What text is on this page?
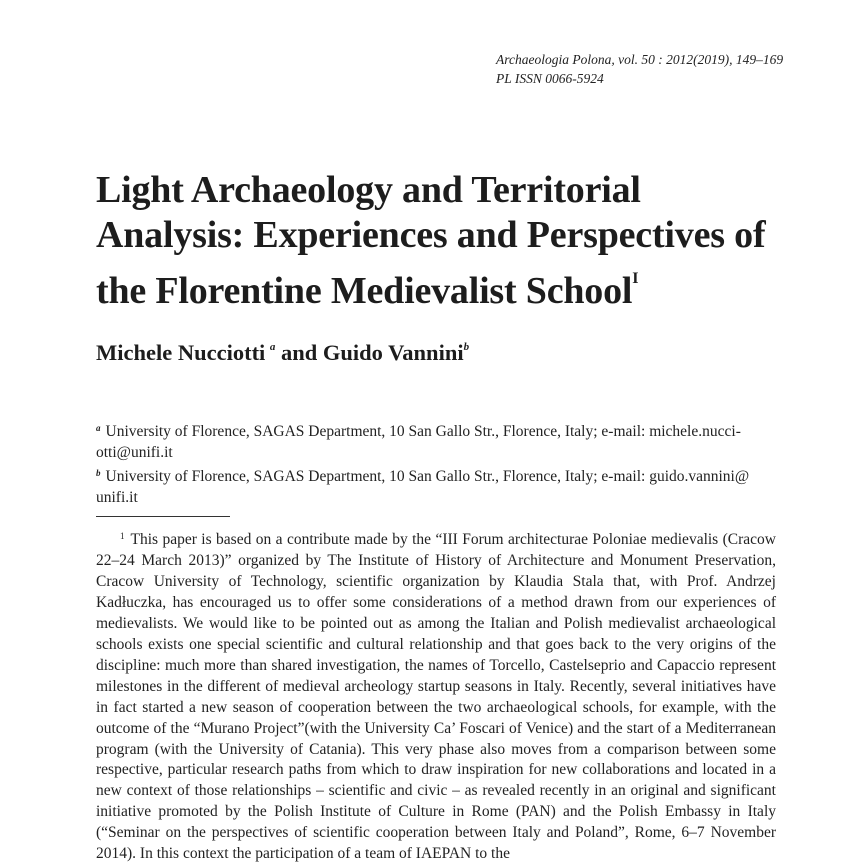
Archaeologia Polona, vol. 50 : 2012(2019), 149–169
PL ISSN 0066-5924
Light Archaeology and Territorial
Analysis: Experiences and Perspectives of
the Florentine Medievalist School$^I$
Michele Nucciotti  $^a$ and Guido Vannini$^b$

$^a$ University of Florence, SAGAS Department, 10 San Gallo Str., Florence, Italy; e-mail: michele.nucciotti@unifi.it

$^b$ University of Florence, SAGAS Department, 10 San Gallo Str., Florence, Italy; e-mail: guido.vannini@​unifi.it

$^1$ This paper is based on a contribute made by the “III Forum architecturae Poloniae medievalis (Cracow 22–24 March 2013)” organized by The Institute of History of Architecture and Monument Preservation, Cracow University of Technology, scientific organization by Klaudia Stala that, with Prof. Andrzej Kadłuczka, has encouraged us to offer some considerations of a method drawn from our experiences of medievalists. We would like to be pointed out as among the Italian and Polish medievalist archaeological schools exists one special scientific and cultural relationship and that goes back to the very origins of the discipline: much more than shared investigation, the names of Torcello, Castelseprio and Capaccio represent milestones in the different of medieval archeology startup seasons in Italy. Recently, several initiatives have in fact started a new season of cooperation between the two archaeological schools, for example, with the outcome of the “Murano Project”(with the University Ca’ Foscari of Venice) and the start of a Mediterranean program (with the University of Catania). This very phase also moves from a comparison between some respective, particular research paths from which to draw inspiration for new collaborations and located in a new context of those relationships – scientific and civic – as revealed recently in an original and significant initiative promoted by the Polish Institute of Culture in Rome (PAN) and the Polish Embassy in Italy (“Seminar on the perspectives of scientific cooperation between Italy and Poland”, Rome, 6–7 November 2014). In this context the participation of a team of IAEPAN to the
